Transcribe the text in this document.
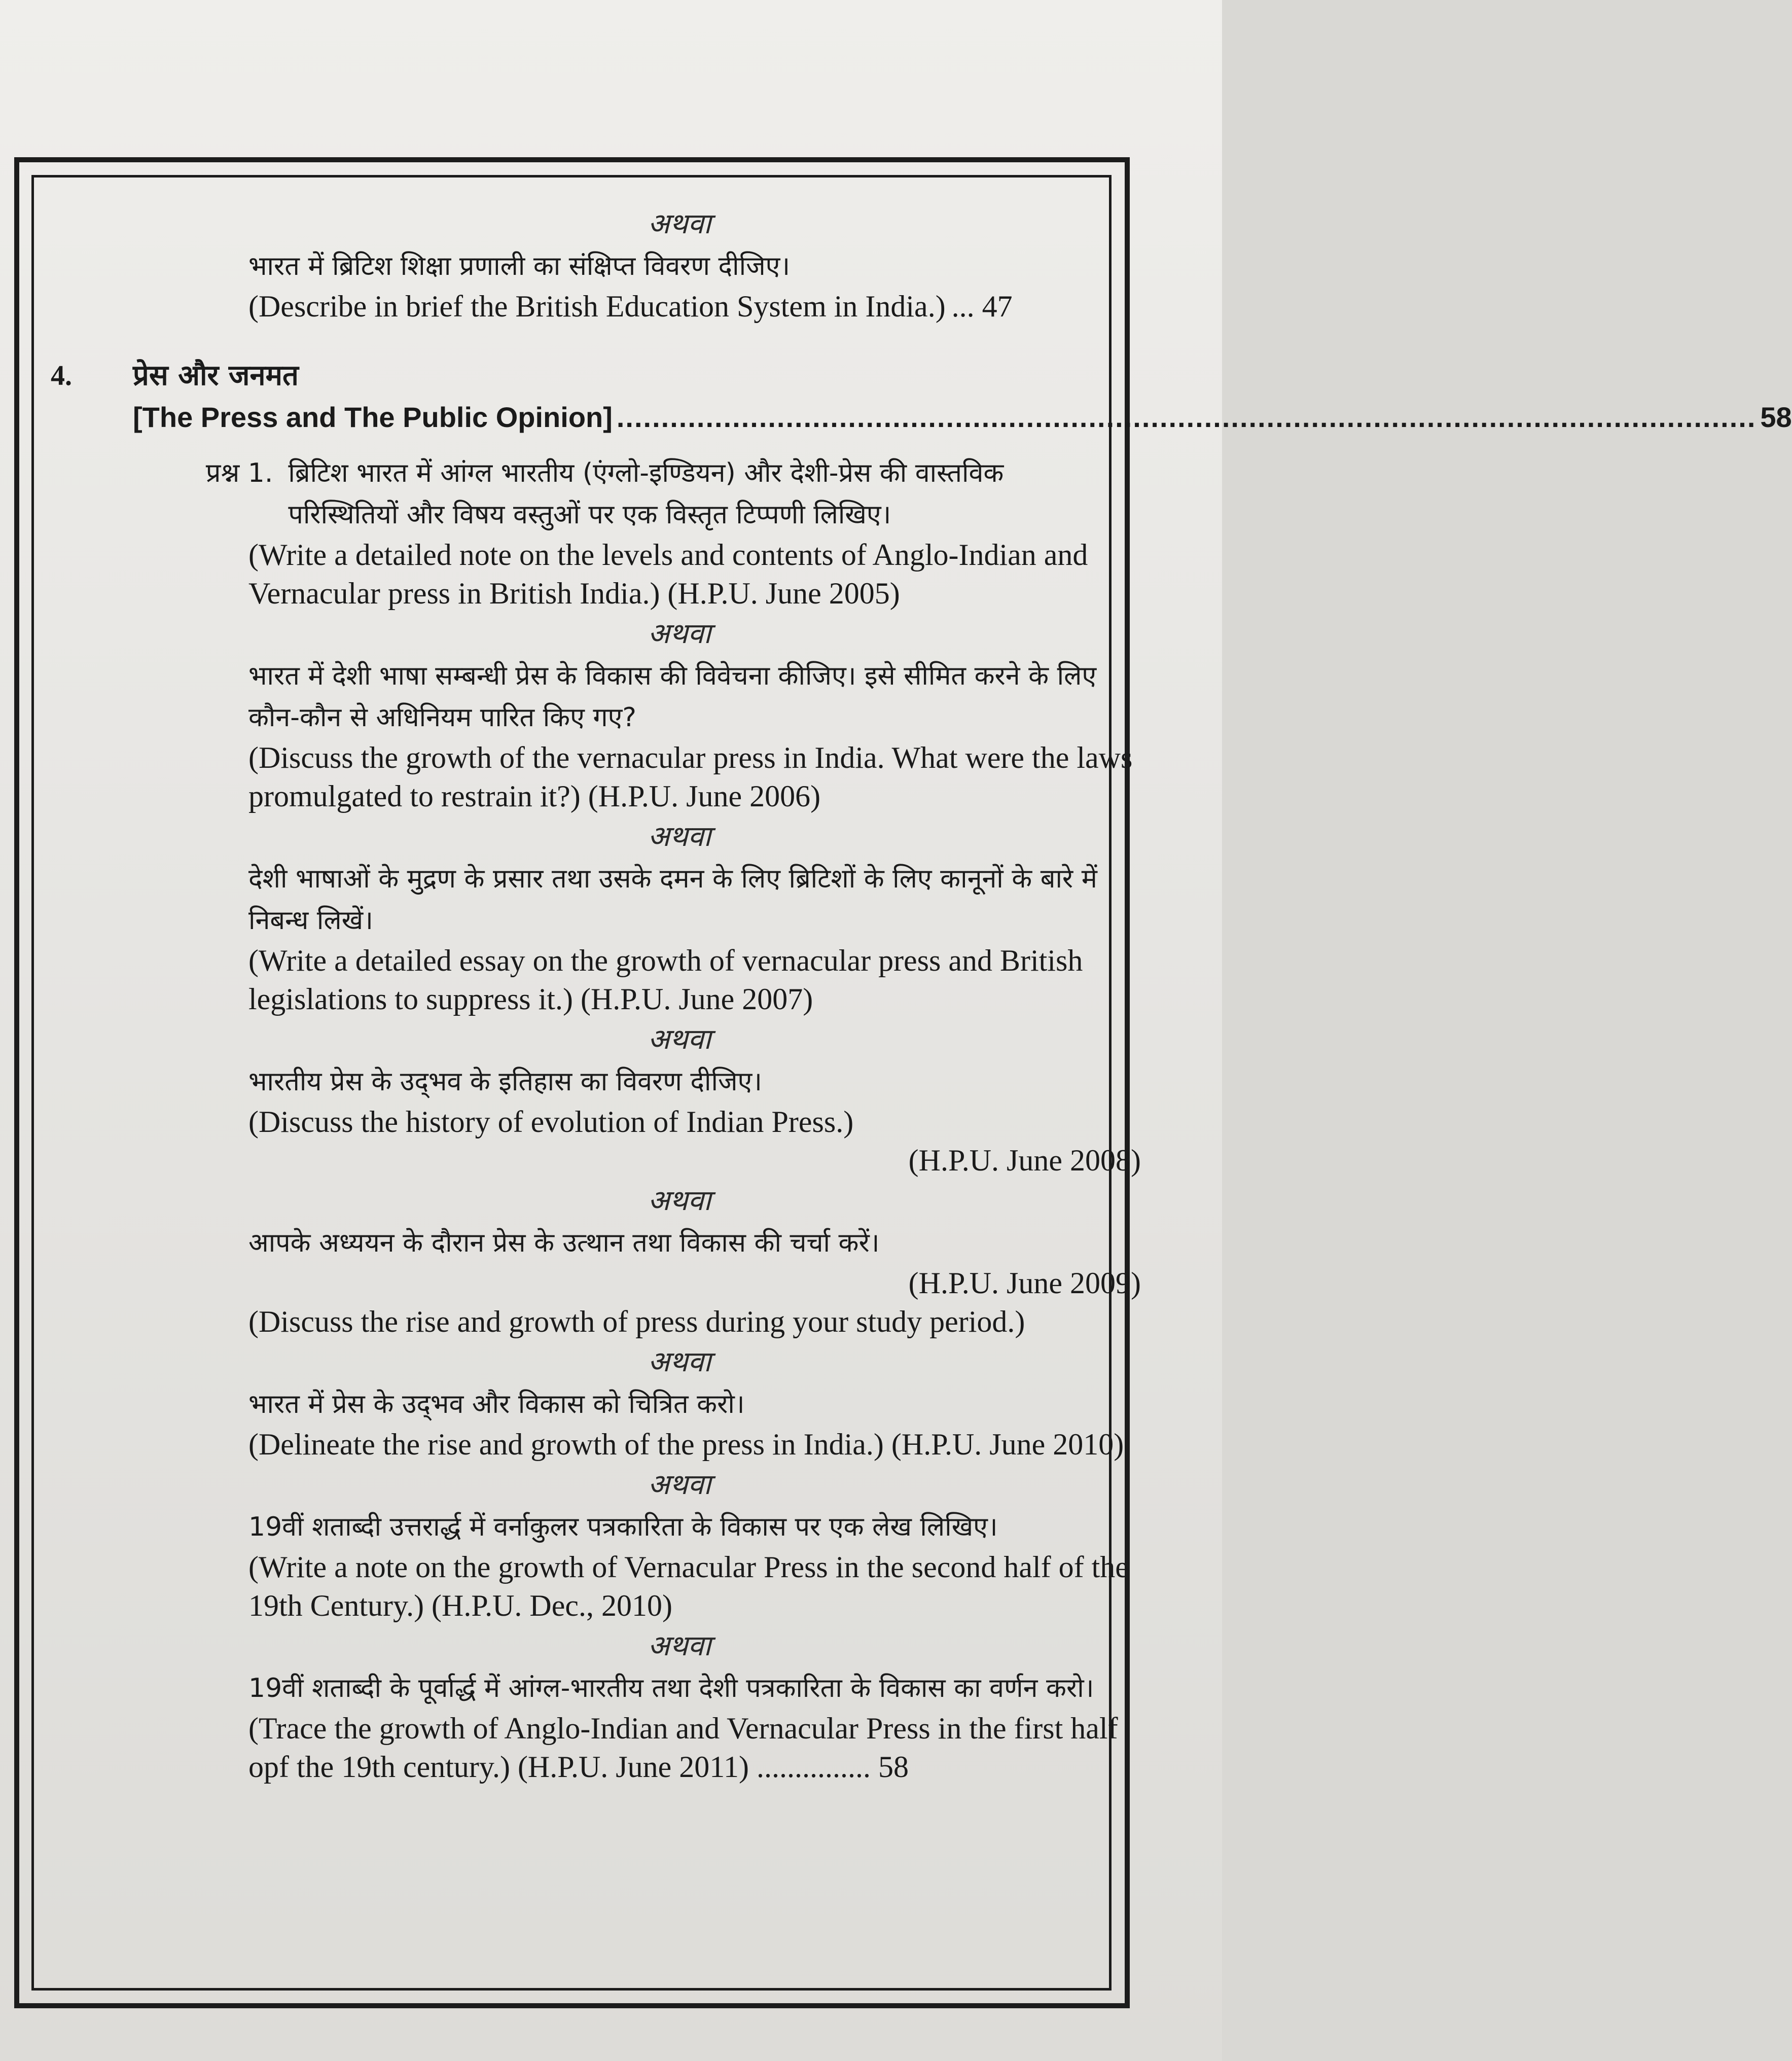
अथवा
भारत में ब्रिटिश शिक्षा प्रणाली का संक्षिप्त विवरण दीजिए।
(Describe in brief the British Education System in India.) ... 47
4. प्रेस और जनमत
[The Press and The Public Opinion] ................................................................................................................................ 58
प्रश्न 1. ब्रिटिश भारत में आंग्ल भारतीय (एंग्लो-इण्डियन) और देशी-प्रेस की वास्तविक परिस्थितियों और विषय वस्तुओं पर एक विस्तृत टिप्पणी लिखिए।
(Write a detailed note on the levels and contents of Anglo-Indian and Vernacular press in British India.) (H.P.U. June 2005)
अथवा
भारत में देशी भाषा सम्बन्धी प्रेस के विकास की विवेचना कीजिए। इसे सीमित करने के लिए कौन-कौन से अधिनियम पारित किए गए?
(Discuss the growth of the vernacular press in India. What were the laws promulgated to restrain it?) (H.P.U. June 2006)
अथवा
देशी भाषाओं के मुद्रण के प्रसार तथा उसके दमन के लिए ब्रिटिशों के लिए कानूनों के बारे में निबन्ध लिखें।
(Write a detailed essay on the growth of vernacular press and British legislations to suppress it.) (H.P.U. June 2007)
अथवा
भारतीय प्रेस के उद्‌भव के इतिहास का विवरण दीजिए।
(Discuss the history of evolution of Indian Press.)
(H.P.U. June 2008)
अथवा
आपके अध्ययन के दौरान प्रेस के उत्थान तथा विकास की चर्चा करें।
(H.P.U. June 2009)
(Discuss the rise and growth of press during your study period.)
अथवा
भारत में प्रेस के उद्‌भव और विकास को चित्रित करो।
(Delineate the rise and growth of the press in India.) (H.P.U. June 2010)
अथवा
19वीं शताब्दी उत्तरार्द्ध में वर्नाकुलर पत्रकारिता के विकास पर एक लेख लिखिए।
(Write a note on the growth of Vernacular Press in the second half of the 19th Century.) (H.P.U. Dec., 2010)
अथवा
19वीं शताब्दी के पूर्वार्द्ध में आंग्ल-भारतीय तथा देशी पत्रकारिता के विकास का वर्णन करो।
(Trace the growth of Anglo-Indian and Vernacular Press in the first half opf the 19th century.) (H.P.U. June 2011) ............... 58
